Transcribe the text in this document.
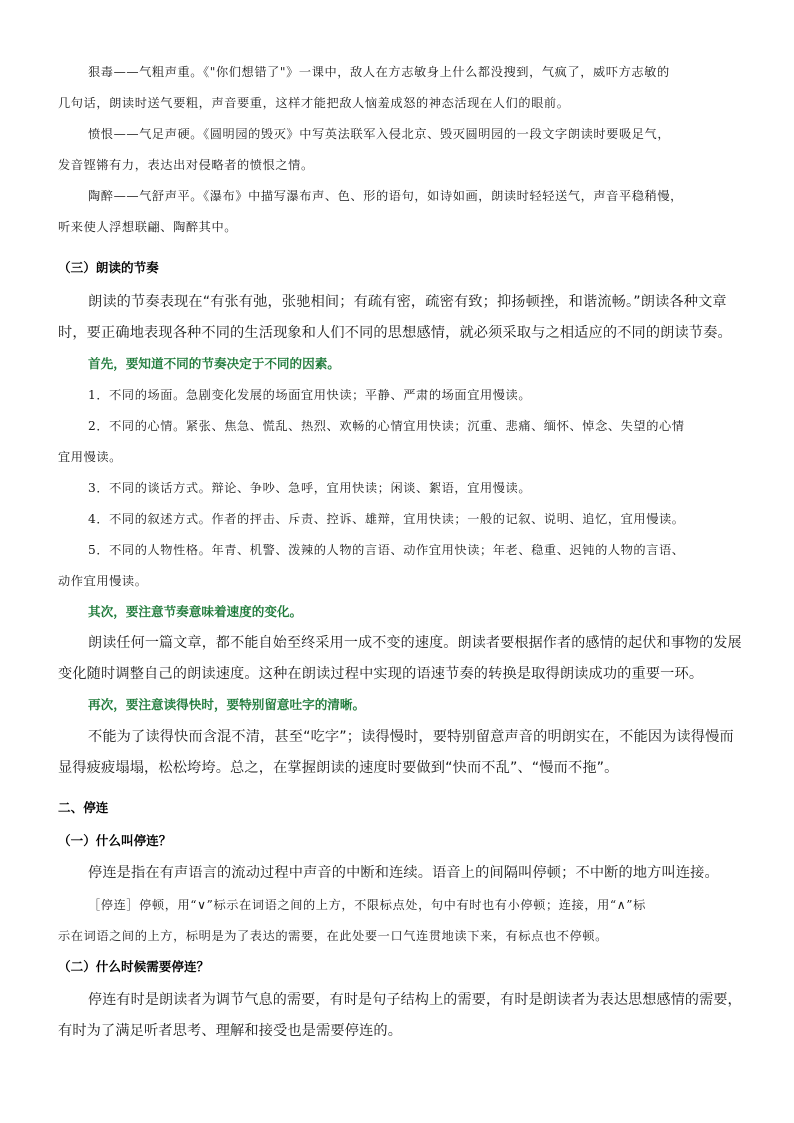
狠毒——气粗声重。《"你们想错了"》一课中，敌人在方志敏身上什么都没搜到，气疯了，威吓方志敏的

几句话，朗读时送气要粗，声音要重，这样才能把敌人恼羞成怒的神态活现在人们的眼前。

愤恨——气足声硬。《圆明园的毁灭》中写英法联军入侵北京、毁灭圆明园的一段文字朗读时要吸足气，

发音铿锵有力，表达出对侵略者的愤恨之情。

陶醉——气舒声平。《瀑布》中描写瀑布声、色、形的语句，如诗如画，朗读时轻轻送气，声音平稳稍慢，

听来使人浮想联翩、陶醉其中。

（三）朗读的节奏

朗读的节奏表现在“有张有弛，张驰相间；有疏有密，疏密有致；抑扬顿挫，和谐流畅。”朗读各种文章

时，要正确地表现各种不同的生活现象和人们不同的思想感情，就必须采取与之相适应的不同的朗读节奏。

首先，要知道不同的节奏决定于不同的因素。

1．不同的场面。急剧变化发展的场面宜用快读；平静、严肃的场面宜用慢读。

2．不同的心情。紧张、焦急、慌乱、热烈、欢畅的心情宜用快读；沉重、悲痛、缅怀、悼念、失望的心情

宜用慢读。

3．不同的谈话方式。辩论、争吵、急呼，宜用快读；闲谈、絮语，宜用慢读。

4．不同的叙述方式。作者的抨击、斥责、控诉、雄辩，宜用快读；一般的记叙、说明、追忆，宜用慢读。

5．不同的人物性格。年青、机警、泼辣的人物的言语、动作宜用快读；年老、稳重、迟钝的人物的言语、

动作宜用慢读。

其次，要注意节奏意味着速度的变化。

朗读任何一篇文章，都不能自始至终采用一成不变的速度。朗读者要根据作者的感情的起伏和事物的发展

变化随时调整自己的朗读速度。这种在朗读过程中实现的语速节奏的转换是取得朗读成功的重要一环。

再次，要注意读得快时，要特别留意吐字的清晰。

不能为了读得快而含混不清，甚至“吃字”；读得慢时，要特别留意声音的明朗实在，不能因为读得慢而

显得疲疲塌塌，松松垮垮。总之，在掌握朗读的速度时要做到“快而不乱”、“慢而不拖”。

二、停连

（一）什么叫停连？

停连是指在有声语言的流动过程中声音的中断和连续。语音上的间隔叫停顿；不中断的地方叫连接。

［停连］停顿，用“∨”标示在词语之间的上方，不限标点处，句中有时也有小停顿；连接，用“∧”标

示在词语之间的上方，标明是为了表达的需要，在此处要一口气连贯地读下来，有标点也不停顿。

（二）什么时候需要停连？

停连有时是朗读者为调节气息的需要，有时是句子结构上的需要，有时是朗读者为表达思想感情的需要，

有时为了满足听者思考、理解和接受也是需要停连的。
